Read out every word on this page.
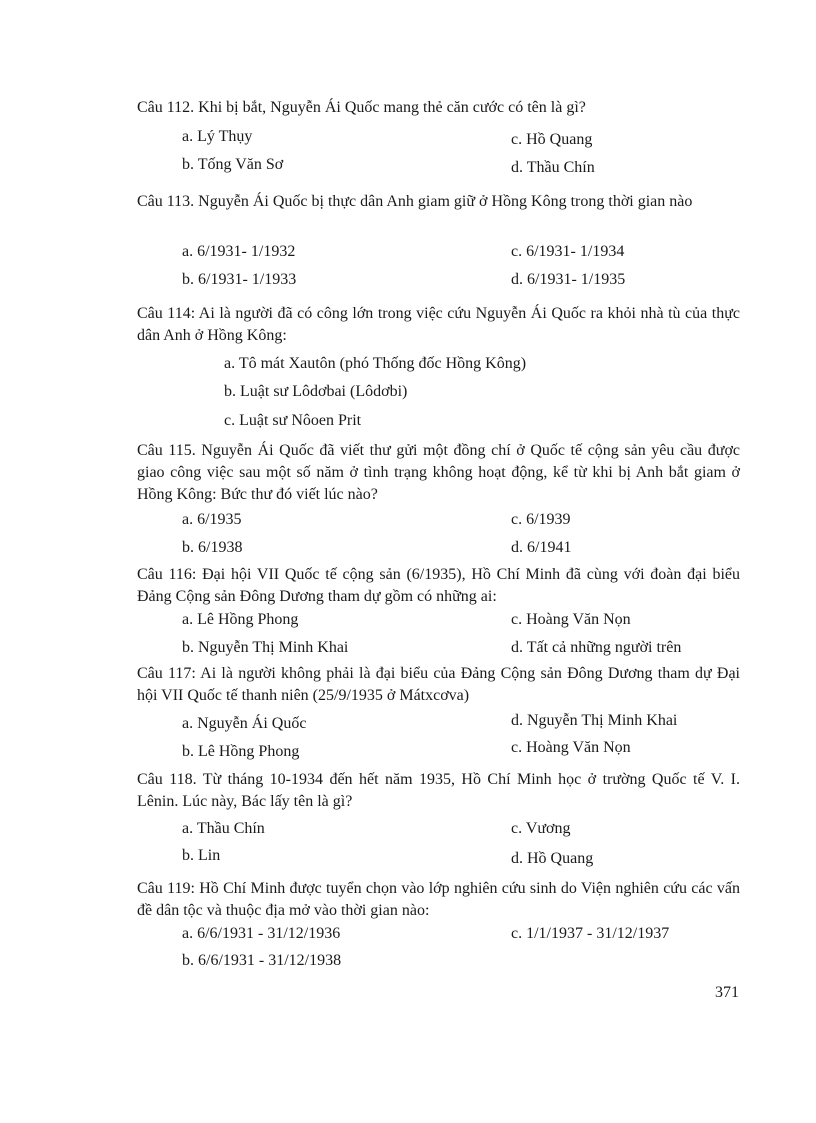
Câu 112. Khi bị bắt, Nguyễn Ái Quốc mang thẻ căn cước có tên là gì?
a. Lý Thụy
b. Tống Văn Sơ
c. Hồ Quang
d. Thầu Chín
Câu 113. Nguyễn Ái Quốc bị thực dân Anh giam giữ ở Hồng Kông trong thời gian nào
a. 6/1931- 1/1932
b. 6/1931- 1/1933
c. 6/1931- 1/1934
d. 6/1931- 1/1935
Câu 114: Ai là người đã có công lớn trong việc cứu Nguyễn Ái Quốc ra khỏi nhà tù của thực dân Anh ở Hồng Kông:
a. Tô mát Xautôn (phó Thống đốc Hồng Kông)
b. Luật sư Lôdơbai (Lôdơbi)
c. Luật sư Nôoen Prit
Câu 115. Nguyễn Ái Quốc đã viết thư gửi một đồng chí ở Quốc tế cộng sản yêu cầu được giao công việc sau một số năm ở tình trạng không hoạt động, kể từ khi bị Anh bắt giam ở Hồng Kông: Bức thư đó viết lúc nào?
a. 6/1935
b. 6/1938
c. 6/1939
d. 6/1941
Câu 116: Đại hội VII Quốc tế cộng sản (6/1935), Hồ Chí Minh đã cùng với đoàn đại biểu Đảng Cộng sản Đông Dương tham dự gồm có những ai:
a. Lê Hồng Phong
b. Nguyễn Thị Minh Khai
c. Hoàng Văn Nọn
d. Tất cả những người trên
Câu 117: Ai là người không phải là đại biểu của Đảng Cộng sản Đông Dương tham dự Đại hội VII Quốc tế thanh niên (25/9/1935 ở Mátxcơva)
a. Nguyễn Ái Quốc
b. Lê Hồng Phong
d. Nguyễn Thị Minh Khai
c. Hoàng Văn Nọn
Câu 118. Từ tháng 10-1934 đến hết năm 1935, Hồ Chí Minh học ở trường Quốc tế V. I. Lênin. Lúc này, Bác lấy tên là gì?
a. Thầu Chín
b. Lin
c. Vương
d. Hồ Quang
Câu 119: Hồ Chí Minh được tuyển chọn vào lớp nghiên cứu sinh do Viện nghiên cứu các vấn đề dân tộc và thuộc địa mở vào thời gian nào:
a. 6/6/1931 - 31/12/1936
b. 6/6/1931 - 31/12/1938
c. 1/1/1937 - 31/12/1937
371
